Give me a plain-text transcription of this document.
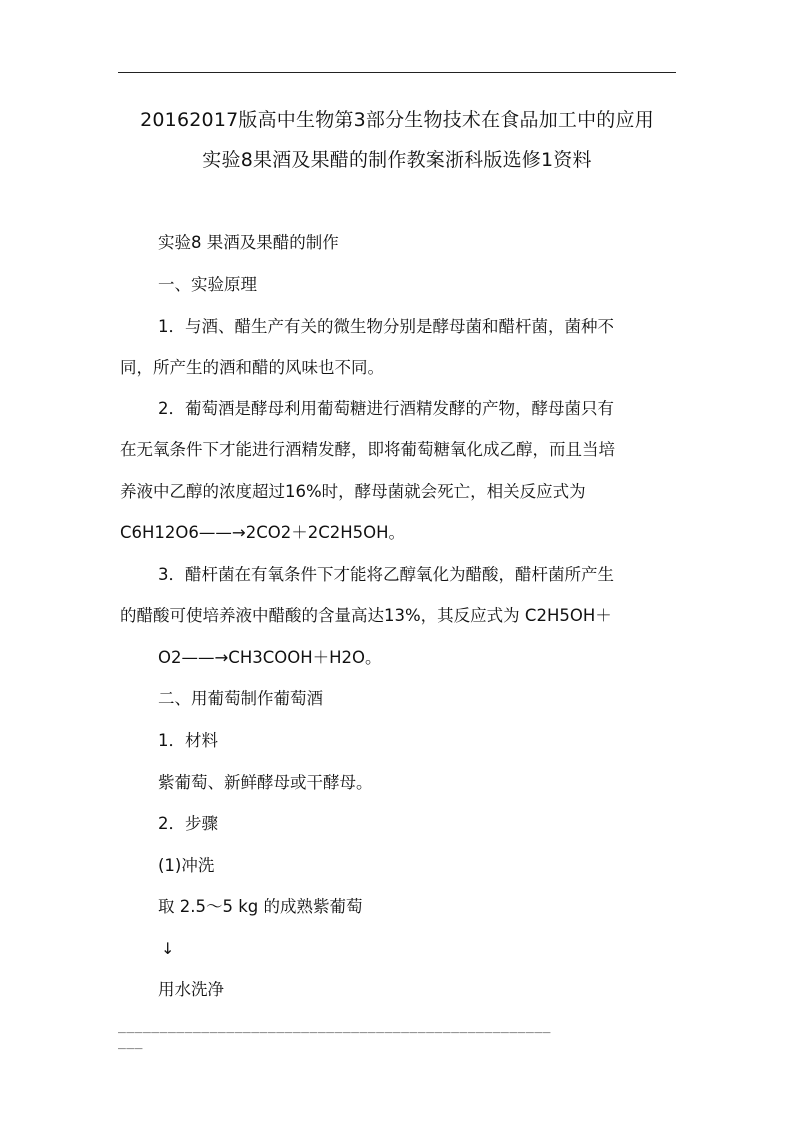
20162017版高中生物第3部分生物技术在食品加工中的应用
实验8果酒及果醋的制作教案浙科版选修1资料
实验8 果酒及果醋的制作
一、实验原理
1．与酒、醋生产有关的微生物分别是酵母菌和醋杆菌，菌种不
同，所产生的酒和醋的风味也不同。
2．葡萄酒是酵母利用葡萄糖进行酒精发酵的产物，酵母菌只有
在无氧条件下才能进行酒精发酵，即将葡萄糖氧化成乙醇，而且当培
养液中乙醇的浓度超过16%时，酵母菌就会死亡，相关反应式为
C6H12O6——→2CO2＋2C2H5OH。
3．醋杆菌在有氧条件下才能将乙醇氧化为醋酸，醋杆菌所产生
的醋酸可使培养液中醋酸的含量高达13%，其反应式为 C2H5OH＋
O2——→CH3COOH＋H2O。
二、用葡萄制作葡萄酒
1．材料
紫葡萄、新鲜酵母或干酵母。
2．步骤
(1)冲洗
取 2.5～5 kg 的成熟紫葡萄
↓
用水洗净
____________________________________________________
___
